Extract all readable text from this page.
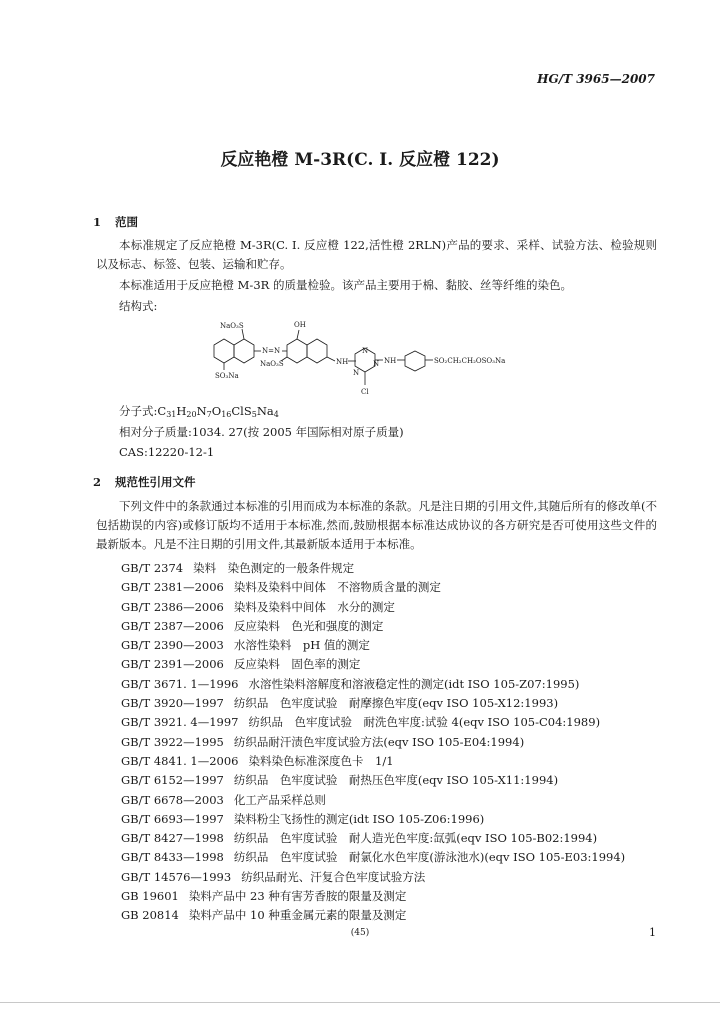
HG/T 3965—2007
反应艳橙 M-3R(C. I. 反应橙 122)
1 范围
本标准规定了反应艳橙 M-3R(C. I. 反应橙 122,活性橙 2RLN)产品的要求、采样、试验方法、检验规则以及标志、标签、包装、运输和贮存。
本标准适用于反应艳橙 M-3R 的质量检验。该产品主要用于棉、黏胶、丝等纤维的染色。
结构式:
NaO₃S
N=N
SO₃Na
OH
NaO₃S	NH
N
N
N
Cl
NH	SO₂CH₂CH₂OSO₃Na
分子式$:C_{31}H_{20}N_7O_{16}ClS_5Na_4$
相对分子质量:1034. 27(按 2005 年国际相对原子质量)
CAS:12220-12-1
2 规范性引用文件
下列文件中的条款通过本标准的引用而成为本标准的条款。凡是注日期的引用文件,其随后所有的修改单(不包括勘误的内容)或修订版均不适用于本标准,然而,鼓励根据本标准达成协议的各方研究是否可使用这些文件的最新版本。凡是不注日期的引用文件,其最新版本适用于本标准。
GB/T 2374 染料　染色测定的一般条件规定
GB/T 2381—2006 染料及染料中间体　不溶物质含量的测定
GB/T 2386—2006 染料及染料中间体　水分的测定
GB/T 2387—2006 反应染料　色光和强度的测定
GB/T 2390—2003 水溶性染料　pH 值的测定
GB/T 2391—2006 反应染料　固色率的测定
GB/T 3671. 1—1996 水溶性染料溶解度和溶液稳定性的测定(idt ISO 105-Z07:1995)
GB/T 3920—1997 纺织品　色牢度试验　耐摩擦色牢度(eqv ISO 105-X12:1993)
GB/T 3921. 4—1997 纺织品　色牢度试验　耐洗色牢度:试验 4(eqv ISO 105-C04:1989)
GB/T 3922—1995 纺织品耐汗渍色牢度试验方法(eqv ISO 105-E04:1994)
GB/T 4841. 1—2006 染料染色标准深度色卡　1/1
GB/T 6152—1997 纺织品　色牢度试验　耐热压色牢度(eqv ISO 105-X11:1994)
GB/T 6678—2003 化工产品采样总则
GB/T 6693—1997 染料粉尘飞扬性的测定(idt ISO 105-Z06:1996)
GB/T 8427—1998 纺织品　色牢度试验　耐人造光色牢度:氙弧(eqv ISO 105-B02:1994)
GB/T 8433—1998 纺织品　色牢度试验　耐氯化水色牢度(游泳池水)(eqv ISO 105-E03:1994)
GB/T 14576—1993 纺织品耐光、汗复合色牢度试验方法
GB 19601 染料产品中 23 种有害芳香胺的限量及测定
GB 20814 染料产品中 10 种重金属元素的限量及测定
(45)	1
